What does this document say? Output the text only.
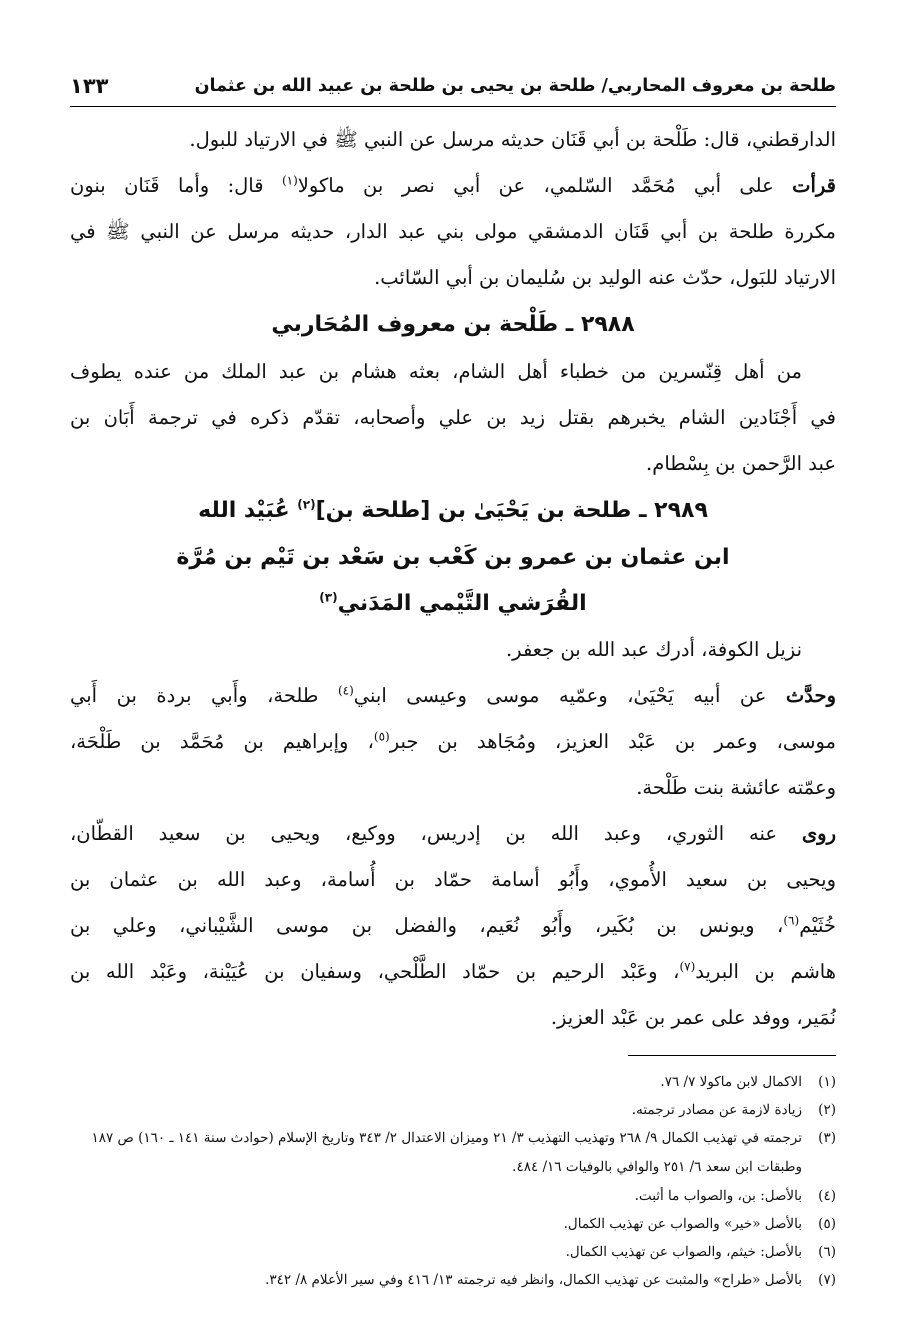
طلحة بن معروف المحاربي/ طلحة بن يحيى بن طلحة بن عبيد الله بن عثمان
١٣٣

الدارقطني، قال: طَلْحة بن أبي قَنَان حديثه مرسل عن النبي ﷺ في الارتياد للبول.

قرأت على أبي مُحَمَّد السّلمي، عن أبي نصر بن ماكولا$^{(١)}$ قال: وأما قَنَان بنون

مكررة طلحة بن أبي قَنَان الدمشقي مولى بني عبد الدار، حديثه مرسل عن النبي ﷺ في

الارتياد للبَول، حدّث عنه الوليد بن سُليمان بن أبي السّائب.

٢٩٨٨ ـ طَلْحة بن معروف المُحَاربي

من أهل قِنّسرين من خطباء أهل الشام، بعثه هشام بن عبد الملك من عنده يطوف

في أَجْنَادين الشام يخبرهم بقتل زيد بن علي وأصحابه، تقدّم ذكره في ترجمة أَبَان بن

عبد الرَّحمن بن بِسْطام.

٢٩٨٩ ـ طلحة بن يَحْيَىٰ بن [طلحة بن]$^{(٢)}$ عُبَيْد الله
ابن عثمان بن عمرو بن كَعْب بن سَعْد بن تَيْم بن مُرَّة
القُرَشي التَّيْمي المَدَني$^{(٣)}$

نزيل الكوفة، أدرك عبد الله بن جعفر.

وحدَّث عن أبيه يَحْيَىٰ، وعمّيه موسى وعيسى ابني$^{(٤)}$ طلحة، وأَبي بردة بن أَبي

موسى، وعمر بن عَبْد العزيز، ومُجَاهد بن جبر$^{(٥)}$، وإبراهيم بن مُحَمَّد بن طَلْحَة،

وعمّته عائشة بنت طَلْحة.

روى عنه الثوري، وعبد الله بن إدريس، ووكيع، ويحيى بن سعيد القطّان،

ويحيى بن سعيد الأُموي، وأَبُو أسامة حمّاد بن أُسامة، وعبد الله بن عثمان بن

خُثَيْم$^{(٦)}$، ويونس بن بُكَير، وأَبُو نُعَيم، والفضل بن موسى الشَّيْباني، وعلي بن

هاشم بن البريد$^{(٧)}$، وعَبْد الرحيم بن حمّاد الطَّلْحي، وسفيان بن عُيَيْنة، وعَبْد الله بن

نُمَير، ووفد على عمر بن عَبْد العزيز.

(١)
الاكمال لابن ماكولا ٧/ ٧٦.

(٢)
زيادة لازمة عن مصادر ترجمته.

(٣)
ترجمته في تهذيب الكمال ٩/ ٢٦٨ وتهذيب التهذيب ٣/ ٢١ وميزان الاعتدال ٢/ ٣٤٣ وتاريخ الإسلام (حوادث سنة ١٤١ ـ ١٦٠) ص ١٨٧ وطبقات ابن سعد ٦/ ٢٥١ والوافي بالوفيات ١٦/ ٤٨٤.

(٤)
بالأصل: بن، والصواب ما أثبت.

(٥)
بالأصل «خير» والصواب عن تهذيب الكمال.

(٦)
بالأصل: خيثم، والصواب عن تهذيب الكمال.

(٧)
بالأصل «طراح» والمثبت عن تهذيب الكمال، وانظر فيه ترجمته ١٣/ ٤١٦ وفي سير الأعلام ٨/ ٣٤٢.
